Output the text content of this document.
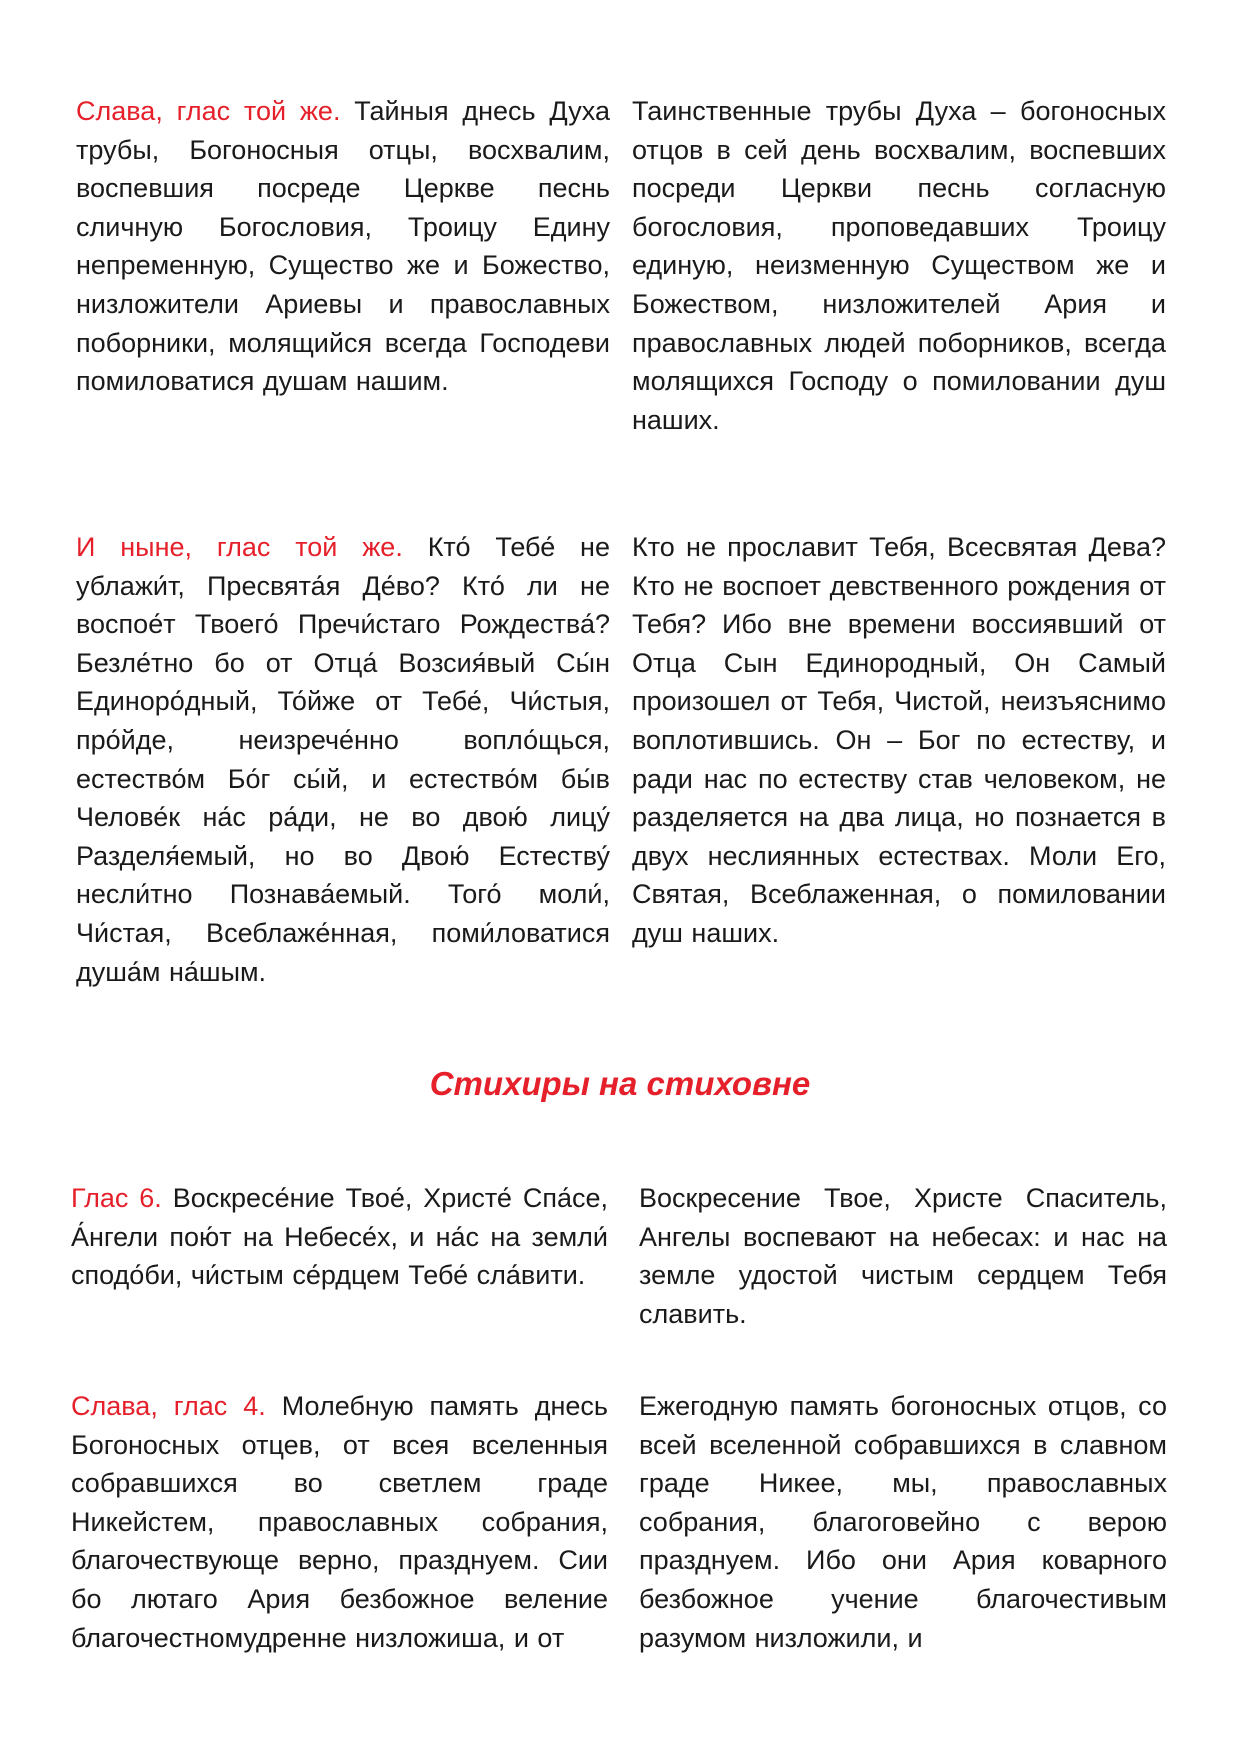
Слава, глас той же. Тайныя днесь Духа трубы, Богоносныя отцы, восхвалим, воспевшия посреде Церкве песнь сличную Богословия, Троицу Едину непременную, Существо же и Божество, низложители Ариевы и православных поборники, молящийся всегда Господеви помиловатися душам нашим.

Таинственные трубы Духа – богоносных отцов в сей день восхвалим, воспевших посреди Церкви песнь согласную богословия, проповедавших Троицу единую, неизменную Существом же и Божеством, низложителей Ария и православных людей поборников, всегда молящихся Господу о помиловании душ наших.

И ныне, глас той же. Кто́ Тебе́ не ублажи́т, Пресвята́я Де́во? Кто́ ли не воспое́т Твоего́ Пречи́стаго Рождества́? Безле́тно бо от Отца́ Возсия́вый Сы́н Единоро́дный, То́йже от Тебе́, Чи́стыя, про́йде, неизрече́нно вопло́щься, естество́м Бо́г сы́й, и естество́м бы́в Челове́к на́с ра́ди, не во двою́ лицу́ Разделя́емый, но во Двою́ Естеству́ несли́тно Познава́емый. Того́ моли́, Чи́стая, Всеблаже́нная, поми́ловатися душа́м на́шым.

Кто не прославит Тебя, Всесвятая Дева? Кто не воспоет девственного рождения от Тебя? Ибо вне времени воссиявший от Отца Сын Единородный, Он Самый произошел от Тебя, Чистой, неизъяснимо воплотившись. Он – Бог по естеству, и ради нас по естеству став человеком, не разделяется на два лица, но познается в двух неслиянных естествах. Моли Его, Святая, Всеблаженная, о помиловании душ наших.

Стихиры на стиховне

Глас 6. Воскресе́ние Твое́, Христе́ Спа́се, А́нгели пою́т на Небесе́х, и на́с на земли́ сподо́би, чи́стым се́рдцем Тебе́ сла́вити.

Воскресение Твое, Христе Спаситель, Ангелы воспевают на небесах: и нас на земле удостой чистым сердцем Тебя славить.

Слава, глас 4. Молебную память днесь Богоносных отцев, от всея вселенныя собравшихся во светлем граде Никейстем, православных собрания, благочествующе верно, празднуем. Сии бо лютаго Ария безбожное веление благочестномудренне низложиша, и от

Ежегодную память богоносных отцов, со всей вселенной собравшихся в славном граде Никее, мы, православных собрания, благоговейно с верою празднуем. Ибо они Ария коварного безбожное учение благочестивым разумом низложили, и
